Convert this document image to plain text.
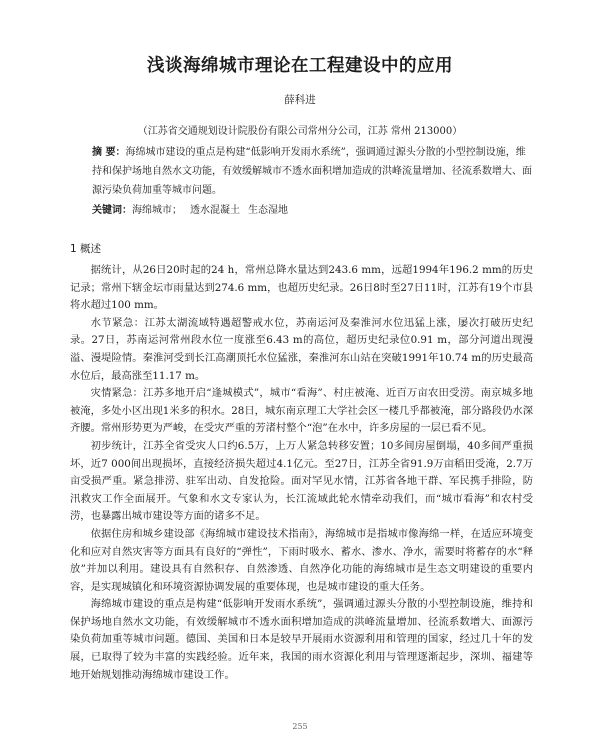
浅谈海绵城市理论在工程建设中的应用
薛科进
（江苏省交通规划设计院股份有限公司常州分公司，江苏 常州 213000）
摘 要：海绵城市建设的重点是构建“低影响开发雨水系统”，强调通过源头分散的小型控制设施，维持和保护场地自然水文功能，有效缓解城市不透水面积增加造成的洪峰流量增加、径流系数增大、面源污染负荷加重等城市问题。
关键词：海绵城市； 透水混凝土 生态湿地
1 概述

据统计，从26日20时起的24 h，常州总降水量达到243.6 mm，远超1994年196.2 mm的历史记录；常州下辖金坛市雨量达到274.6 mm，也超历史纪录。26日8时至27日11时，江苏有19个市县将水超过100 mm。

水节紧急：江苏太湖流域特遇超警戒水位，苏南运河及秦淮河水位迅猛上涨，屡次打破历史纪录。27日，苏南运河常州段水位一度涨至6.43 m的高位，超历史纪录位0.91 m，部分河道出现漫溢、漫堤险情。秦淮河受到长江高潮顶托水位猛涨，秦淮河东山站在突破1991年10.74 m的历史最高水位后，最高涨至11.17 m。

灾情紧急：江苏多地开启“逢城模式”，城市“看海”、村庄被淹、近百万亩农田受涝。南京城多地被淹，多处小区出现1米多的积水。28日，城东南京理工大学社会区一楼几乎都被淹，部分路段仍水深齐腰。常州形势更为严峻，在受灾严重的芳渚村整个“泡”在水中，许多房屋的一层已看不见。

初步统计，江苏全省受灾人口约6.5万，上万人紧急转移安置；10多间房屋倒塌，40多间严重损坏，近7 000间出现损坏，直接经济损失超过4.1亿元。至27日，江苏全省91.9万亩稻田受淹，2.7万亩受损严重。紧急排涝、驻军出动、自发抢险。面对罕见水情，江苏省各地干群、军民携手排险，防汛救灾工作全面展开。气象和水文专家认为，长江流域此轮水情牵动我们，而“城市看海”和农村受涝，也暴露出城市建设等方面的诸多不足。

依据住房和城乡建设部《海绵城市建设技术指南》，海绵城市是指城市像海绵一样，在适应环境变化和应对自然灾害等方面具有良好的“弹性”，下雨时吸水、蓄水、渗水、净水，需要时将蓄存的水“释放”并加以利用。建设具有自然积存、自然渗透、自然净化功能的海绵城市是生态文明建设的重要内容，是实现城镇化和环境资源协调发展的重要体现，也是城市建设的重大任务。

海绵城市建设的重点是构建“低影响开发雨水系统”，强调通过源头分散的小型控制设施，维持和保护场地自然水文功能，有效缓解城市不透水面积增加造成的洪峰流量增加、径流系数增大、面源污染负荷加重等城市问题。德国、美国和日本是较早开展雨水资源利用和管理的国家，经过几十年的发展，已取得了较为丰富的实践经验。近年来，我国的雨水资源化利用与管理逐渐起步，深圳、福建等地开始规划推动海绵城市建设工作。

255
